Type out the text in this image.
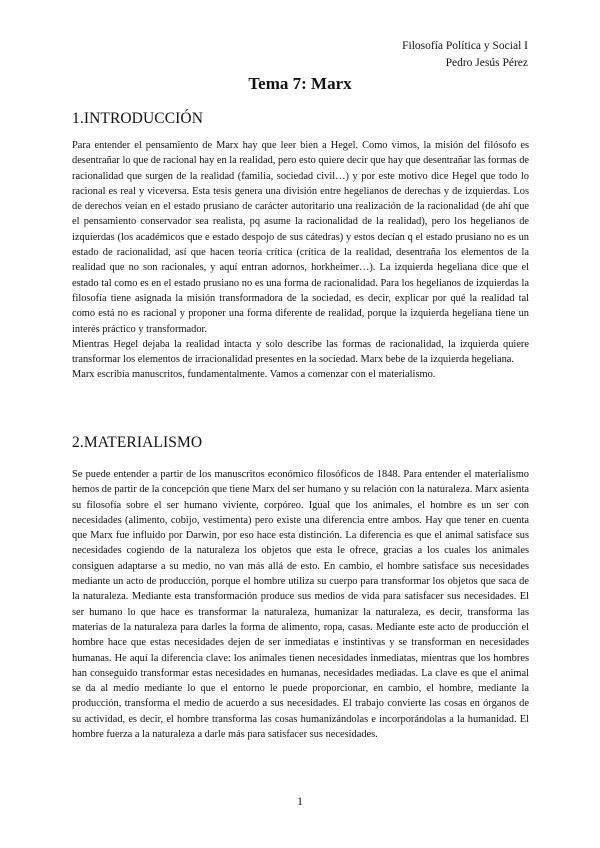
Filosofía Política y Social I
Pedro Jesús Pérez
Tema 7: Marx
1.INTRODUCCIÓN

Para entender el pensamiento de Marx hay que leer bien a Hegel. Como vimos, la misión del filósofo es desentrañar lo que de racional hay en la realidad, pero esto quiere decir que hay que desentrañar las formas de racionalidad que surgen de la realidad (familia, sociedad civil…) y por este motivo dice Hegel que todo lo racional es real y viceversa. Esta tesis genera una división entre hegelianos de derechas y de izquierdas. Los de derechos veían en el estado prusiano de carácter autoritario una realización de la racionalidad (de ahí que el pensamiento conservador sea realista, pq asume la racionalidad de la realidad), pero los hegelianos de izquierdas (los académicos que e estado despojo de sus cátedras) y estos decían q el estado prusiano no es un estado de racionalidad, así que hacen teoría crítica (crítica de la realidad, desentraña los elementos de la realidad que no son racionales, y aquí entran adornos, horkheimer…). La izquierda hegeliana dice que el estado tal como es en el estado prusiano no es una forma de racionalidad. Para los hegelianos de izquierdas la filosofía tiene asignada la misión transformadora de la sociedad, es decir, explicar por qué la realidad tal como está no es racional y proponer una forma diferente de realidad, porque la izquierda hegeliana tiene un interés práctico y transformador.

Mientras Hegel dejaba la realidad intacta y solo describe las formas de racionalidad, la izquierda quiere transformar los elementos de irracionalidad presentes en la sociedad. Marx bebe de la izquierda hegeliana.

Marx escribía manuscritos, fundamentalmente. Vamos a comenzar con el materialismo.

2.MATERIALISMO

Se puede entender a partir de los manuscritos económico filosóficos de 1848. Para entender el materialismo hemos de partir de la concepción que tiene Marx del ser humano y su relación con la naturaleza. Marx asienta su filosofía sobre el ser humano viviente, corpóreo. Igual que los animales, el hombre es un ser con necesidades (alimento, cobijo, vestimenta) pero existe una diferencia entre ambos. Hay que tener en cuenta que Marx fue influido por Darwin, por eso hace esta distinción. La diferencia es que el animal satisface sus necesidades cogiendo de la naturaleza los objetos que esta le ofrece, gracias a los cuales los animales consiguen adaptarse a su medio, no van más allá de esto. En cambio, el hombre satisface sus necesidades mediante un acto de producción, porque el hombre utiliza su cuerpo para transformar los objetos que saca de la naturaleza. Mediante esta transformación produce sus medios de vida para satisfacer sus necesidades. El ser humano lo que hace es transformar la naturaleza, humanizar la naturaleza, es decir, transforma las materias de la naturaleza para darles la forma de alimento, ropa, casas. Mediante este acto de producción el hombre hace que estas necesidades dejen de ser inmediatas e instintivas y se transforman en necesidades humanas. He aquí la diferencia clave: los animales tienen necesidades inmediatas, mientras que los hombres han conseguido transformar estas necesidades en humanas, necesidades mediadas. La clave es que el animal se da al medio mediante lo que el entorno le puede proporcionar, en cambio, el hombre, mediante la producción, transforma el medio de acuerdo a sus necesidades. El trabajo convierte las cosas en órganos de su actividad, es decir, el hombre transforma las cosas humanizándolas e incorporándolas a la humanidad. El hombre fuerza a la naturaleza a darle más para satisfacer sus necesidades.

1
